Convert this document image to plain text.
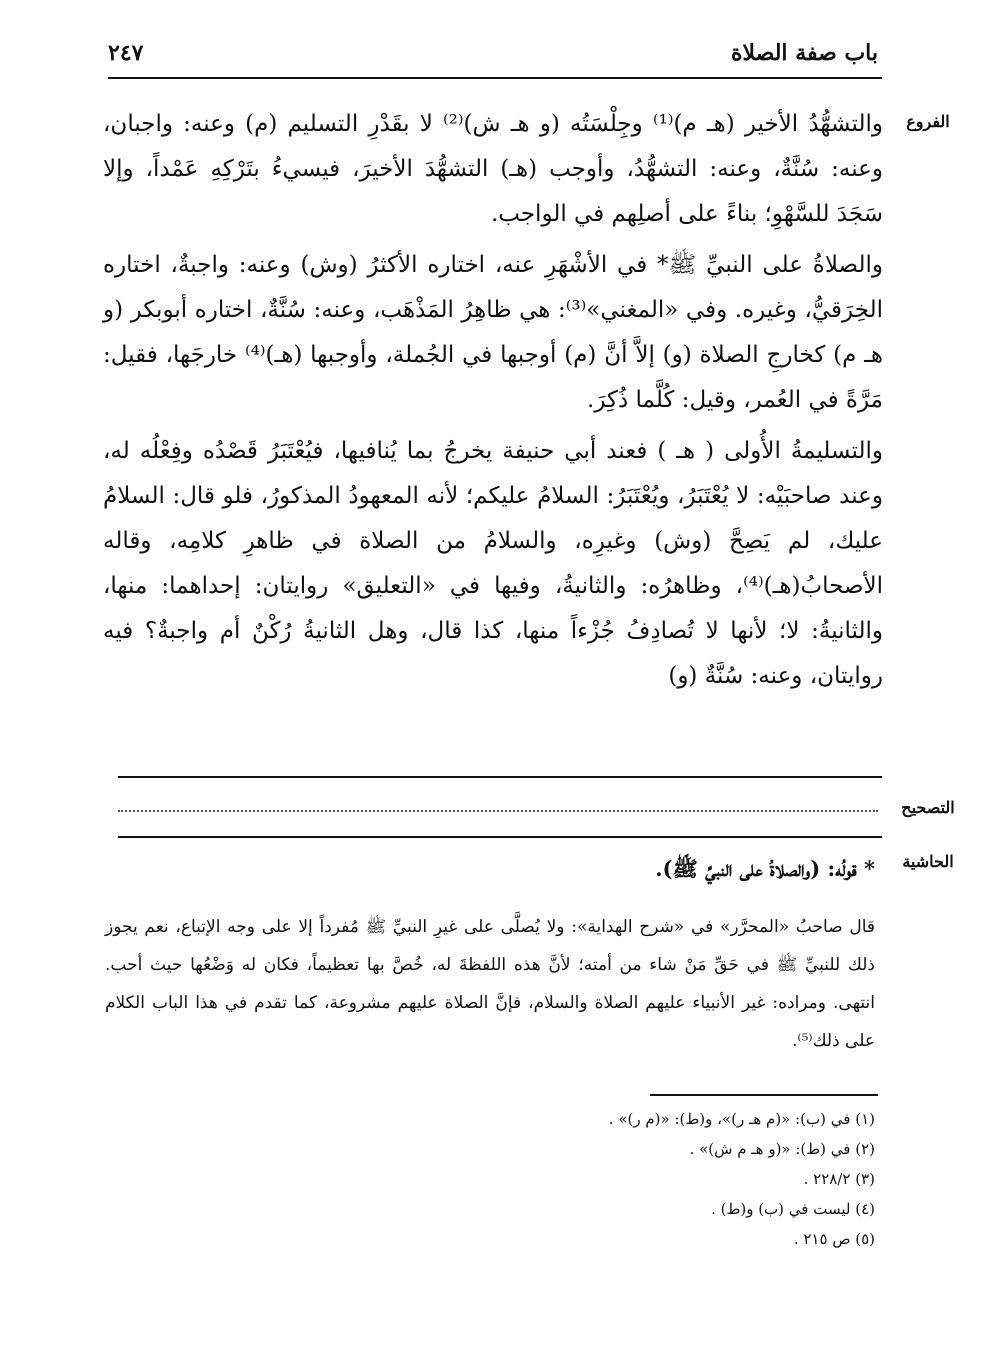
باب صفة الصلاة
٢٤٧
الفروع
التصحيح
الحاشية

والتشهُّدُ الأخير (هـ م)⁽¹⁾ وجِلْسَتُه (و هـ ش)⁽²⁾ لا بقَدْرِ التسليم (م) وعنه: واجبان، وعنه: سُنَّةٌ، وعنه: التشهُّدُ، وأوجب (هـ) التشهُّدَ الأخيرَ، فيسيءُ بتَرْكِهِ عَمْداً، وإلا سَجَدَ للسَّهْوِ؛ بناءً على أصلِهم في الواجب.

والصلاةُ على النبيِّ ﷺ* في الأشْهَرِ عنه، اختاره الأكثرُ (وش) وعنه: واجبةٌ، اختاره الخِرَقيُّ، وغيره. وفي «المغني»⁽³⁾: هي ظاهِرُ المَذْهَب، وعنه: سُنَّةٌ، اختاره أبوبكر (و هـ م) كخارجِ الصلاة (و) إلاَّ أنَّ (م) أوجبها في الجُملة، وأوجبها (هـ)⁽⁴⁾ خارجَها، فقيل: مَرَّةً في العُمر، وقيل: كُلَّما ذُكِرَ.

والتسليمةُ الأُولى ( هـ ) فعند أبي حنيفة يخرجُ بما يُنافيها، فيُعْتَبَرُ قَصْدُه وفِعْلُه له، وعند صاحبَيْه: لا يُعْتَبَرُ، ويُعْتَبَرُ: السلامُ عليكم؛ لأنه المعهودُ المذكورُ، فلو قال: السلامُ عليك، لم يَصِحَّ (وش) وغيرِه، والسلامُ من الصلاة في ظاهرِ كلامِه، وقاله الأصحابُ(هـ)⁽⁴⁾، وظاهرُه: والثانيةُ، وفيها في «التعليق» روايتان: إحداهما: منها، والثانيةُ: لا؛ لأنها لا تُصادِفُ جُزْءاً منها، كذا قال، وهل الثانيةُ رُكْنٌ أم واجبةٌ؟ فيه روايتان، وعنه: سُنَّةٌ (و)

* قولُه: (والصلاةُ على النبيِّ ﷺ).
قال صاحبُ «المحرَّر» في «شرح الهداية»: ولا يُصلَّى على غيرِ النبيِّ ﷺ مُفرداً إلا على وجه الإتباع، نعم يجوز ذلك للنبيِّ ﷺ في حَقِّ مَنْ شاء من أمته؛ لأنَّ هذه اللفظةَ له، خُصَّ بها تعظيماً، فكان له وَضْعُها حيث أحب. انتهى. ومراده: غير الأنبياء عليهم الصلاة والسلام، فإنَّ الصلاة عليهم مشروعة، كما تقدم في هذا الباب الكلام على ذلك⁽⁵⁾.
(١) في (ب): «(م هـ ر)»، و(ط): «(م ر)» .
(٢) في (ط): «(و هـ م ش)» .
(٣) ٢٢٨/٢ .
(٤) ليست في (ب) و(ط) .
(٥) ص ٢١٥ .
